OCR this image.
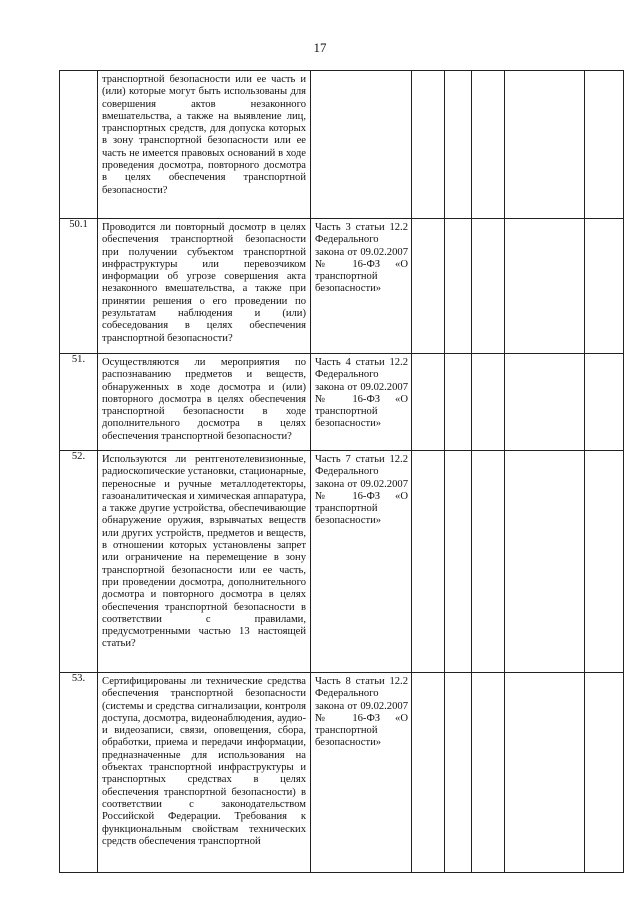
17

	транспортной безопасности или ее часть и (или) которые могут быть использованы для совершения актов незаконного вмешательства, а также на выявление лиц, транспортных средств, для допуска которых в зону транспортной безопасности или ее часть не имеется правовых оснований в ходе проведения досмотра, повторного досмотра в целях обеспечения транспортной безопасности?						

50.1	Проводится ли повторный досмотр в целях обеспечения транспортной безопасности при получении субъектом транспортной инфраструктуры или перевозчиком информации об угрозе совершения акта незаконного вмешательства, а также при принятии решения о его проведении по результатам наблюдения и (или) собеседования в целях обеспечения транспортной безопасности?	Часть 3 статьи 12.2 Федерального закона от 09.02.2007 № 16-ФЗ «О транспортной безопасности»					

51.	Осуществляются ли мероприятия по распознаванию предметов и веществ, обнаруженных в ходе досмотра и (или) повторного досмотра в целях обеспечения транспортной безопасности в ходе дополнительного досмотра в целях обеспечения транспортной безопасности?	Часть 4 статьи 12.2 Федерального закона от 09.02.2007 № 16-ФЗ «О транспортной безопасности»					

52.	Используются ли рентгенотелевизионные, радиоскопические установки, стационарные, переносные и ручные металлодетекторы, газоаналитическая и химическая аппаратура, а также другие устройства, обеспечивающие обнаружение оружия, взрывчатых веществ или других устройств, предметов и веществ, в отношении которых установлены запрет или ограничение на перемещение в зону транспортной безопасности или ее часть, при проведении досмотра, дополнительного досмотра и повторного досмотра в целях обеспечения транспортной безопасности в соответствии с правилами, предусмотренными частью 13 настоящей статьи?	Часть 7 статьи 12.2 Федерального закона от 09.02.2007 № 16-ФЗ «О транспортной безопасности»					

53.	Сертифицированы ли технические средства обеспечения транспортной безопасности (системы и средства сигнализации, контроля доступа, досмотра, видеонаблюдения, аудио- и видеозаписи, связи, оповещения, сбора, обработки, приема и передачи информации, предназначенные для использования на объектах транспортной инфраструктуры и транспортных средствах в целях обеспечения транспортной безопасности) в соответствии с законодательством Российской Федерации. Требования к функциональным свойствам технических средств обеспечения транспортной	Часть 8 статьи 12.2 Федерального закона от 09.02.2007 № 16-ФЗ «О транспортной безопасности»					
